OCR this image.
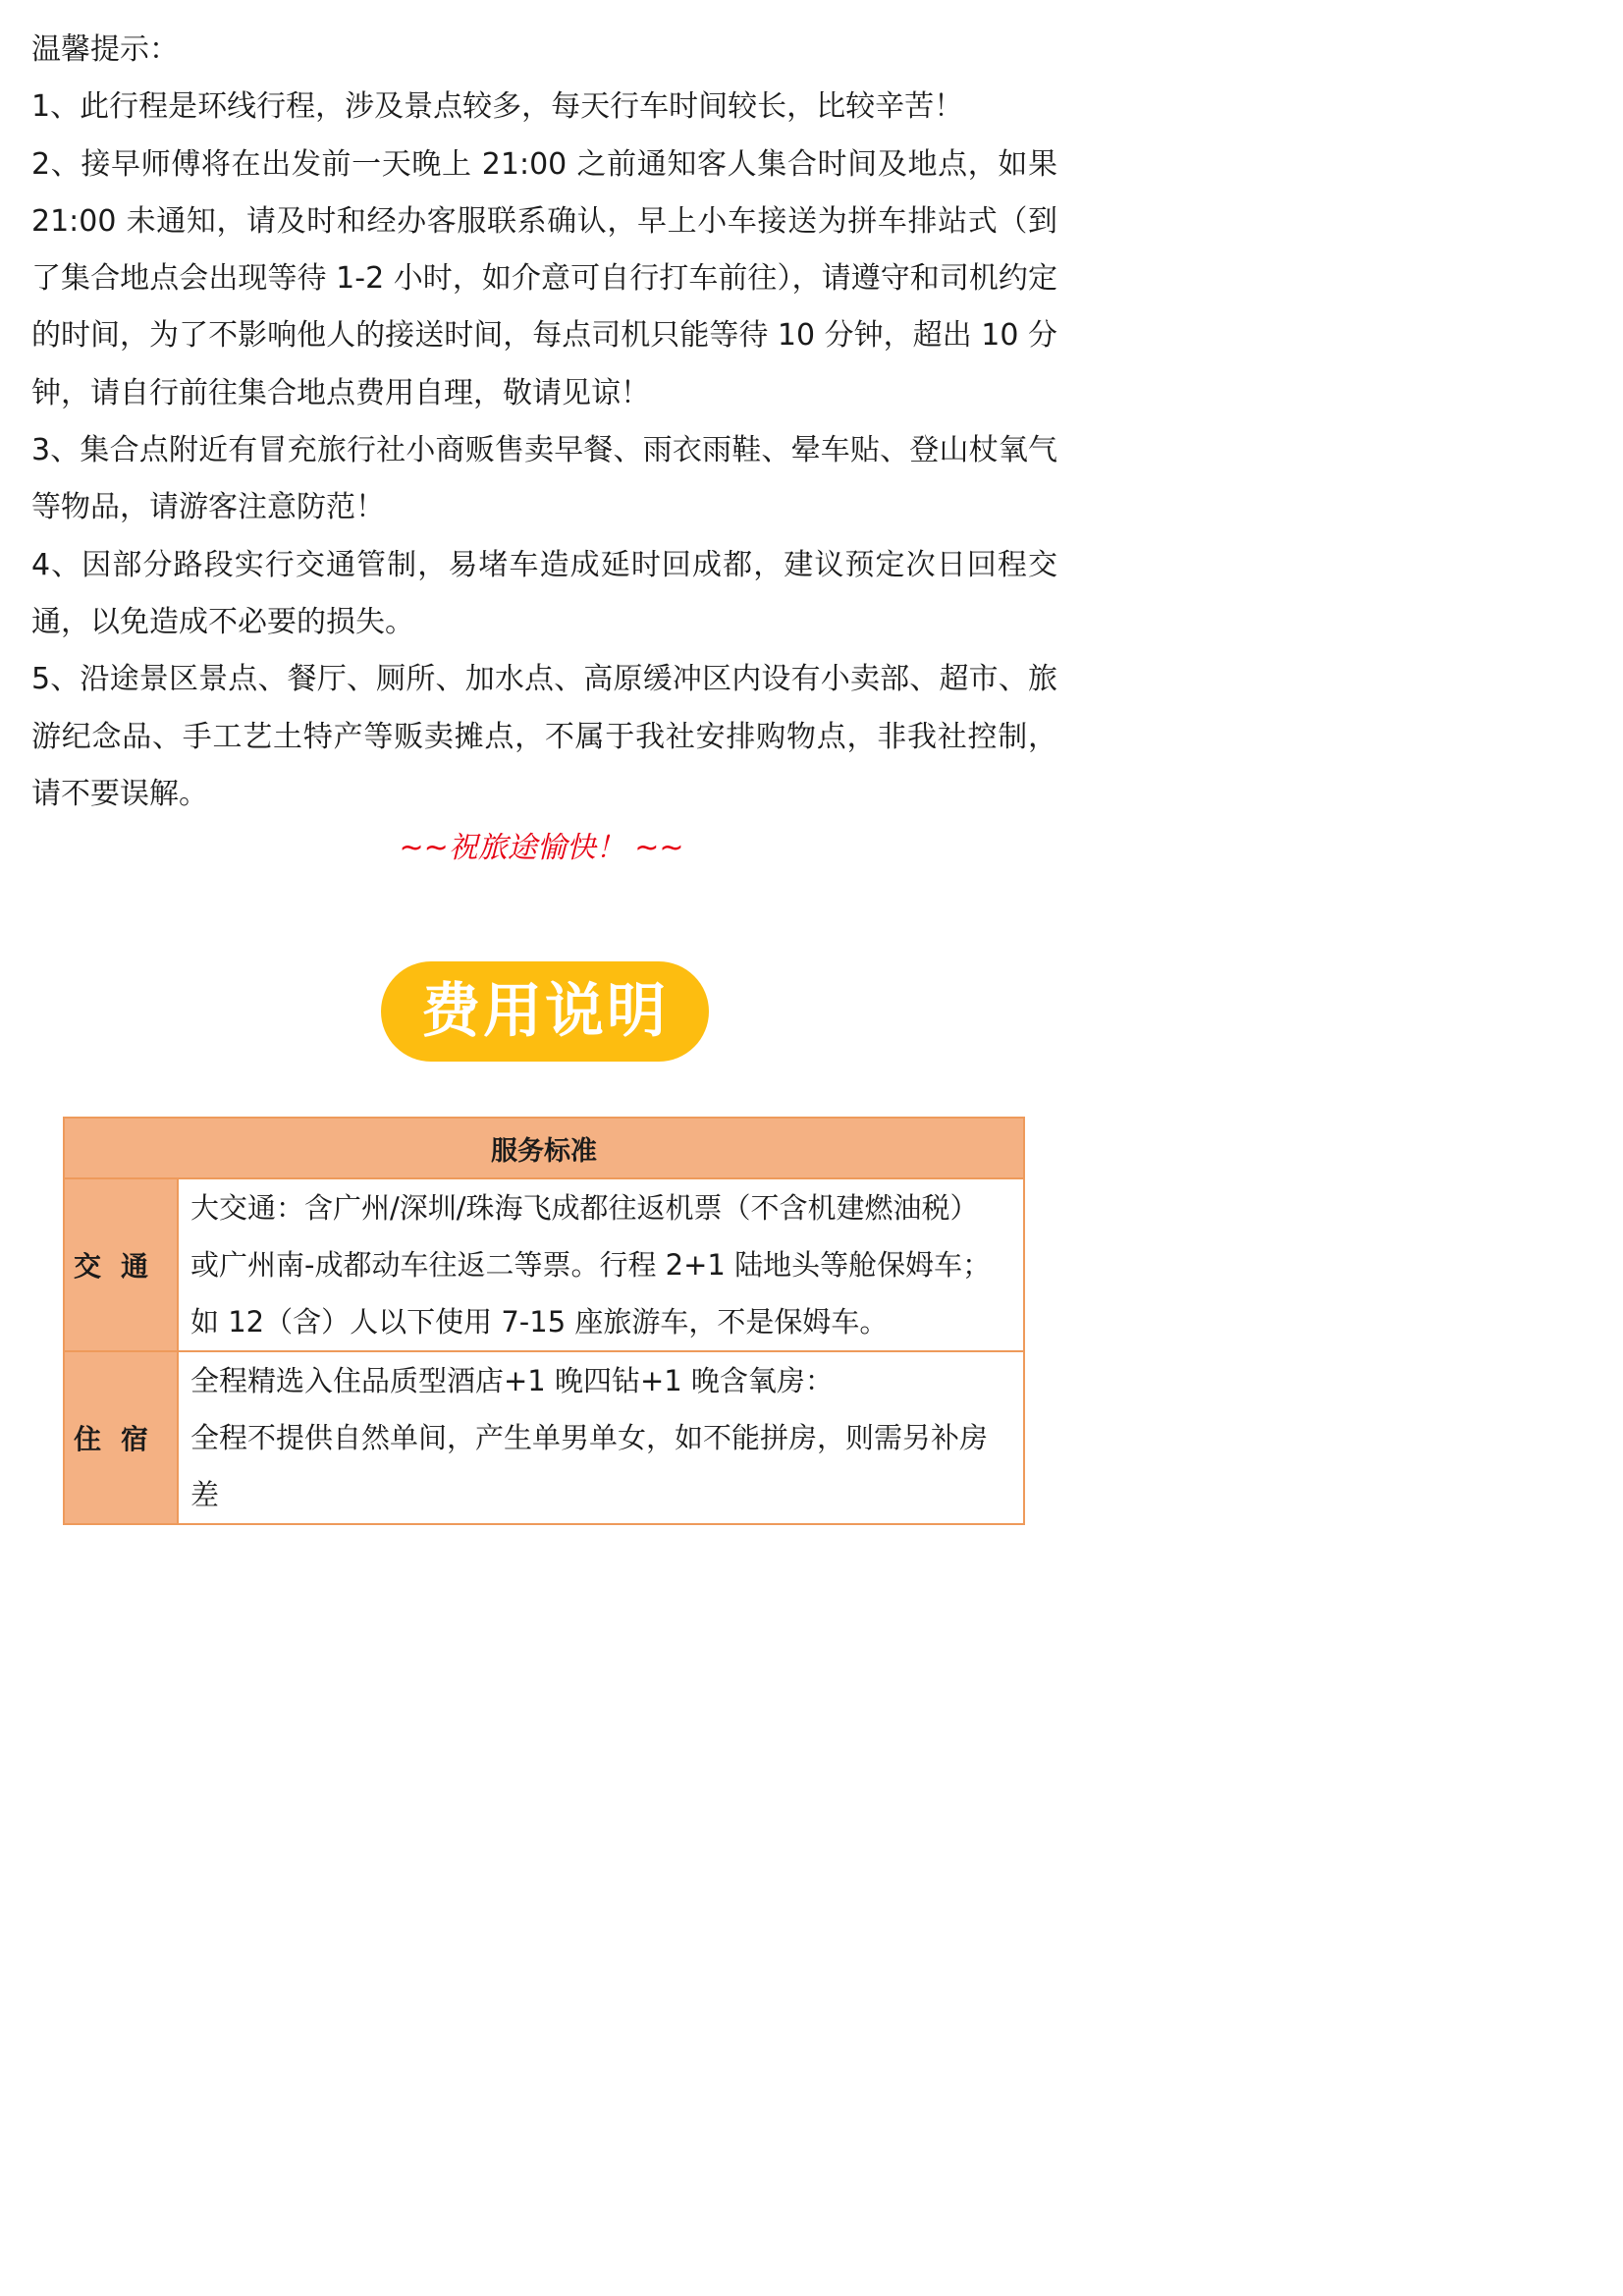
温馨提示：

1、此行程是环线行程，涉及景点较多，每天行车时间较长，比较辛苦！

2、接早师傅将在出发前一天晚上 21:00 之前通知客人集合时间及地点，如果 21:00 未通知，请及时和经办客服联系确认，早上小车接送为拼车排站式（到了集合地点会出现等待 1-2 小时，如介意可自行打车前往），请遵守和司机约定的时间，为了不影响他人的接送时间，每点司机只能等待 10 分钟，超出 10 分钟，请自行前往集合地点费用自理，敬请见谅！

3、集合点附近有冒充旅行社小商贩售卖早餐、雨衣雨鞋、晕车贴、登山杖氧气等物品，请游客注意防范！

4、因部分路段实行交通管制，易堵车造成延时回成都，建议预定次日回程交通，以免造成不必要的损失。

5、沿途景区景点、餐厅、厕所、加水点、高原缓冲区内设有小卖部、超市、旅游纪念品、手工艺土特产等贩卖摊点，不属于我社安排购物点，非我社控制，请不要误解。

~~祝旅途愉快！ ~~
费用说明
服务标准	
交通	大交通：含广州/深圳/珠海飞成都往返机票（不含机建燃油税）
或广州南-成都动车往返二等票。行程 2+1 陆地头等舱保姆车；
如 12（含）人以下使用 7-15 座旅游车，不是保姆车。

住宿	全程精选入住品质型酒店+1 晚四钻+1 晚含氧房：
全程不提供自然单间，产生单男单女，如不能拼房，则需另补房
差
